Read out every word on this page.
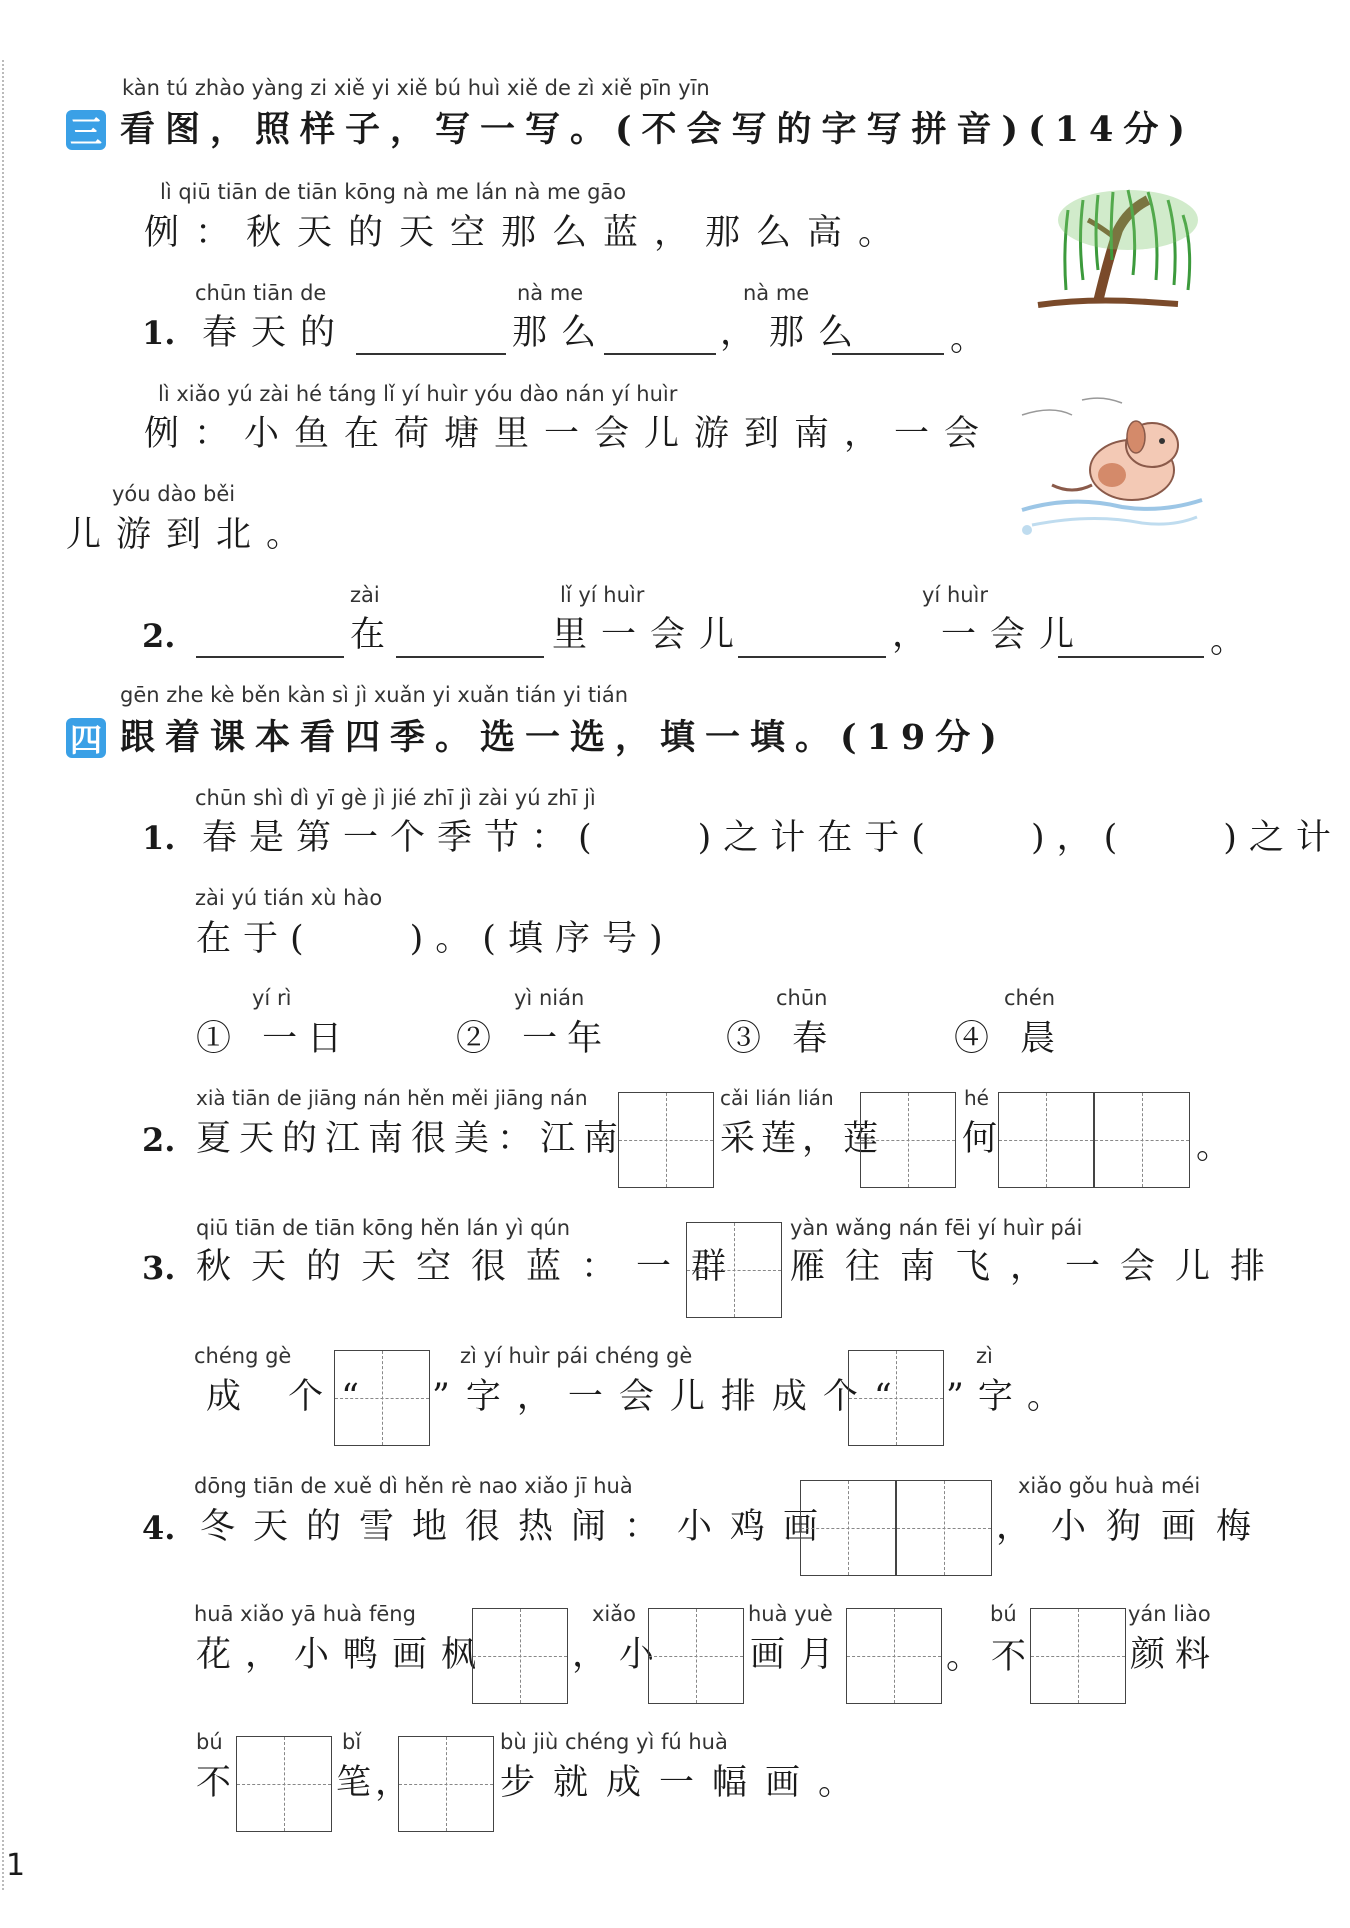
kàn tú zhào yàng zi xiě yi xiě bú huì xiě de zì xiě pīn yīn
三 看图，照样子，写一写。(不会写的字写拼音)(14分)
lì qiū tiān de tiān kōng nà me lán nà me gāo
例：秋天的天空那么蓝，那么高。
chūn tiān de	nà me	nà me
1. 春天的	那么	，那么 。
lì xiǎo yú zài hé táng lǐ yí huìr yóu dào nán yí huìr
例：小鱼在荷塘里一会儿游到南，一会
yóu dào běi
儿游到北。
zài	lǐ yí huìr	yí huìr
2.	在	里一会儿	，一会儿	。
gēn zhe kè běn kàn sì jì xuǎn yi xuǎn tián yi tián
四 跟着课本看四季。选一选，填一填。(19分)
chūn shì dì yī gè jì jié zhī jì zài yú zhī jì
1. 春是第一个季节：(　　)之计在于(　　)，(　　)之计
zài yú tián xù hào
在于(　　)。(填序号)
yí rì	yì nián	chūn	chén
① 一日	② 一年	③ 春	④ 晨
xià tiān de jiāng nán hěn měi jiāng nán
2. 夏天的江南很美：江南
cǎi lián lián
采莲，莲
hé
何	。
qiū tiān de tiān kōng hěn lán yì qún
3. 秋天的天空很蓝：一群
yàn wǎng nán fēi yí huìr pái
雁往南飞，一会儿排
chéng gè
成 个“
zì yí huìr pái chéng gè
”字，一会儿排成个“
zì
”字。
dōng tiān de xuě dì hěn rè nao xiǎo jī huà
4. 冬天的雪地很热闹：小鸡画
xiǎo gǒu huà méi
，小狗画梅
huā xiǎo yā huà fēng
花，小鸭画枫
xiǎo
，小
huà yuè
画月
bú
。不
yán liào
颜料
bú
不
bǐ
笔，
bù jiù chéng yì fú huà
步就成一幅画。
1
